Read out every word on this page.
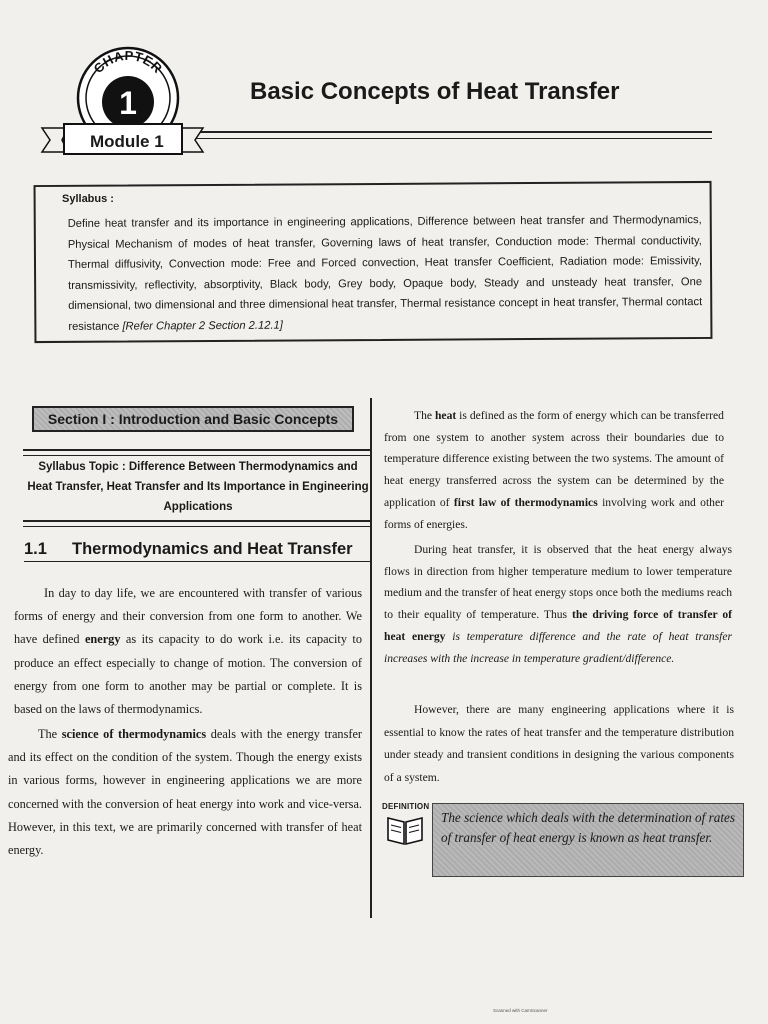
CHAPTER
1	Basic Concepts of Heat Transfer
Module 1
Syllabus :

Define heat transfer and its importance in engineering applications, Difference between heat transfer and Thermodynamics, Physical Mechanism of modes of heat transfer, Governing laws of heat transfer, Conduction mode: Thermal conductivity, Thermal diffusivity, Convection mode: Free and Forced convection, Heat transfer Coefficient, Radiation mode: Emissivity, transmissivity, reflectivity, absorptivity, Black body, Grey body, Opaque body, Steady and unsteady heat transfer, One dimensional, two dimensional and three dimensional heat transfer, Thermal resistance concept in heat transfer, Thermal contact resistance [Refer Chapter 2 Section 2.12.1]

Section I : Introduction and Basic Concepts

Syllabus Topic : Difference Between Thermodynamics and Heat Transfer, Heat Transfer and Its Importance in Engineering Applications

1.1 Thermodynamics and Heat Transfer

In day to day life, we are encountered with transfer of various forms of energy and their conversion from one form to another. We have defined energy as its capacity to do work i.e. its capacity to produce an effect especially to change of motion. The conversion of energy from one form to another may be partial or complete. It is based on the laws of thermodynamics.

The science of thermodynamics deals with the energy transfer and its effect on the condition of the system. Though the energy exists in various forms, however in engineering applications we are more concerned with the conversion of heat energy into work and vice-versa. However, in this text, we are primarily concerned with transfer of heat energy.

The heat is defined as the form of energy which can be transferred from one system to another system across their boundaries due to temperature difference existing between the two systems. The amount of heat energy transferred across the system can be determined by the application of first law of thermodynamics involving work and other forms of energies.

During heat transfer, it is observed that the heat energy always flows in direction from higher temperature medium to lower temperature medium and the transfer of heat energy stops once both the mediums reach to their equality of temperature. Thus the driving force of transfer of heat energy is temperature difference and the rate of heat transfer increases with the increase in temperature gradient/difference.

However, there are many engineering applications where it is essential to know the rates of heat transfer and the temperature distribution under steady and transient conditions in designing the various components of a system.

DEFINITION
The science which deals with the determination of rates of transfer of heat energy is known as heat transfer.
Scanned with CamScanner
